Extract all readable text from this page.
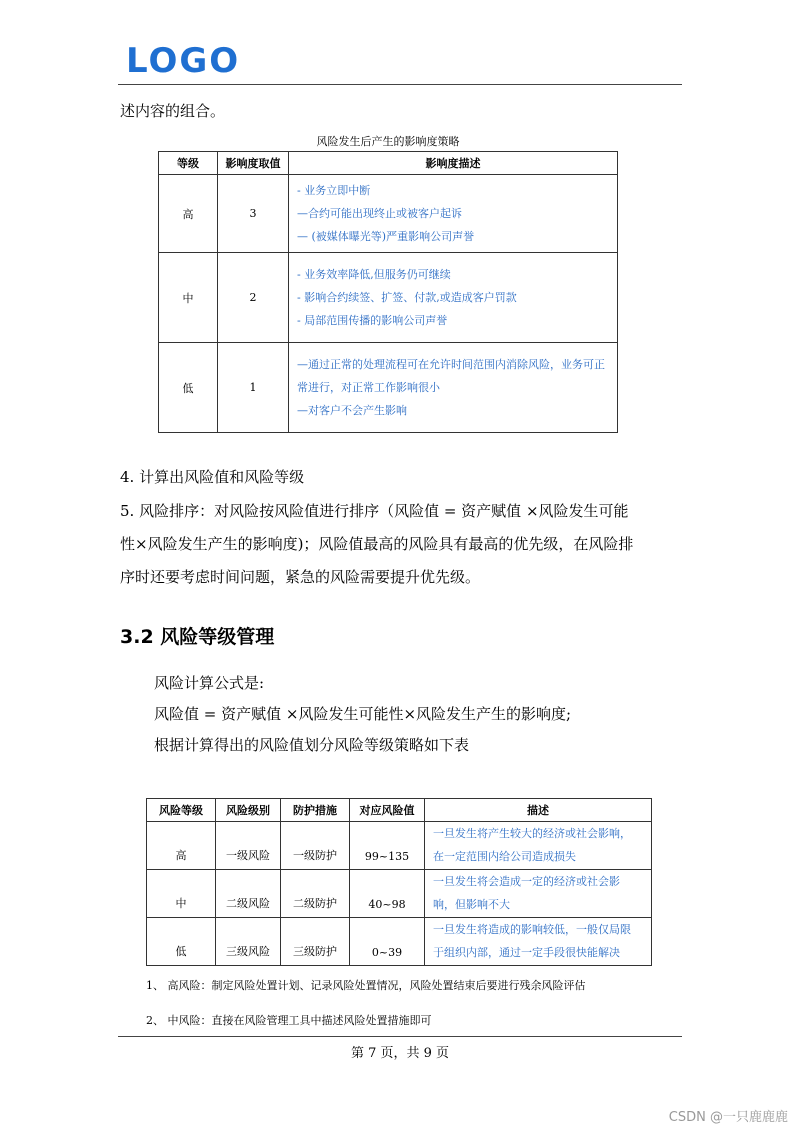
LOGO
述内容的组合。
风险发生后产生的影响度策略
等级	影响度取值	影响度描述
高	3	- 业务立即中断
—合约可能出现终止或被客户起诉
— (被媒体曝光等)严重影响公司声誉

中	2	- 业务效率降低,但服务仍可继续
- 影响合约续签、扩签、付款,或造成客户罚款
- 局部范围传播的影响公司声誉

低	1	—通过正常的处理流程可在允许时间范围内消除风险，业务可正
常进行，对正常工作影响很小
—对客户不会产生影响
4. 计算出风险值和风险等级
5. 风险排序：对风险按风险值进行排序（风险值 = 资产赋值 ×风险发生可能
性×风险发生产生的影响度)；风险值最高的风险具有最高的优先级，在风险排
序时还要考虑时间问题，紧急的风险需要提升优先级。
3.2 风险等级管理
风险计算公式是:
风险值 = 资产赋值 ×风险发生可能性×风险发生产生的影响度;
根据计算得出的风险值划分风险等级策略如下表
风险等级	风险级别	防护措施	对应风险值	描述
高	一级风险	一级防护	99~135	一旦发生将产生较大的经济或社会影响，
在一定范围内给公司造成损失

中	二级风险	二级防护	40~98	一旦发生将会造成一定的经济或社会影
响，但影响不大

低	三级风险	三级防护	0~39	一旦发生将造成的影响较低，一般仅局限
于组织内部，通过一定手段很快能解决
1、 高风险：制定风险处置计划、记录风险处置情况，风险处置结束后要进行残余风险评估
2、 中风险：直接在风险管理工具中描述风险处置措施即可
第 7 页，共 9 页
CSDN @一只鹿鹿鹿
